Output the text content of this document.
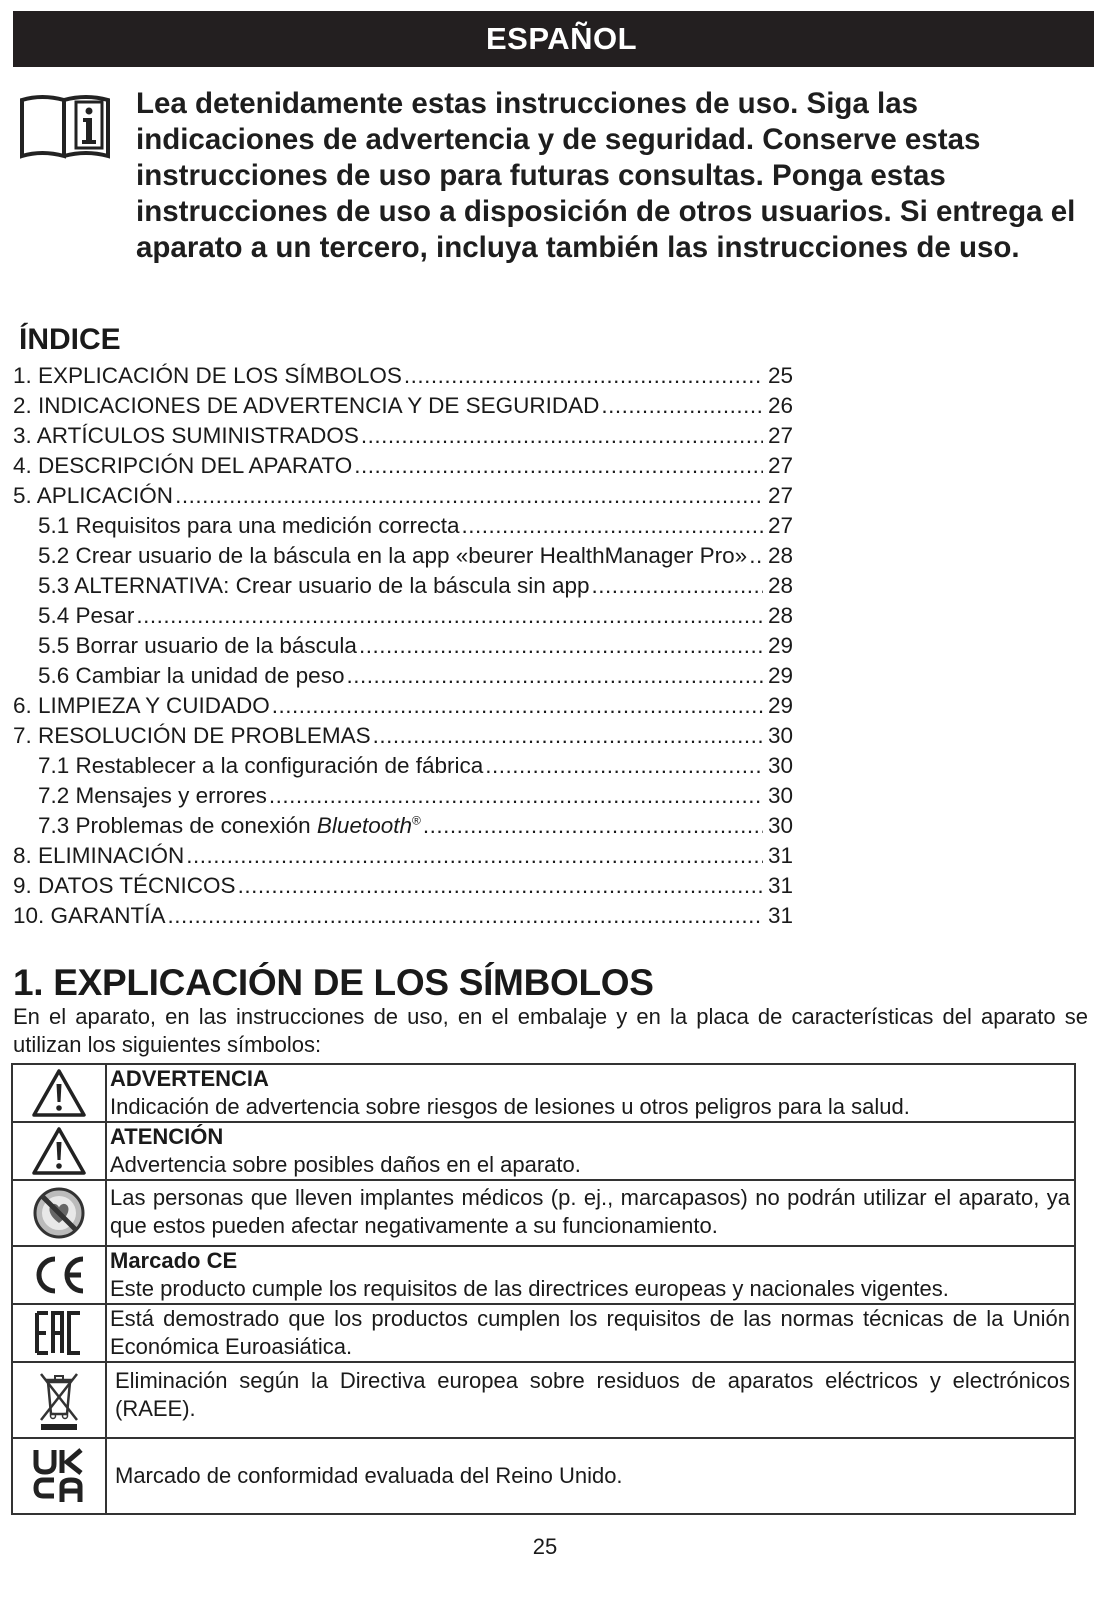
ESPAÑOL
Lea detenidamente estas instrucciones de uso. Siga las indicaciones de advertencia y de seguridad. Conserve estas instrucciones de uso para futuras consultas. Ponga estas instrucciones de uso a disposición de otros usuarios. Si entrega el aparato a un tercero, incluya también las instrucciones de uso.
ÍNDICE
1. EXPLICACIÓN DE LOS SÍMBOLOS .....	25
2. INDICACIONES DE ADVERTENCIA Y DE SEGURIDAD .....	26
3. ARTÍCULOS SUMINISTRADOS .....	27
4. DESCRIPCIÓN DEL APARATO .....	27
5. APLICACIÓN .....	27
5.1 Requisitos para una medición correcta .....	27
5.2 Crear usuario de la báscula en la app «beurer HealthManager Pro» ..... 28
5.3 ALTERNATIVA: Crear usuario de la báscula sin app .....	28
5.4 Pesar .....	28
5.5 Borrar usuario de la báscula .....	29
5.6 Cambiar la unidad de peso .....	29
6. LIMPIEZA Y CUIDADO .....	29
7. RESOLUCIÓN DE PROBLEMAS .....	30
7.1 Restablecer a la configuración de fábrica .....	30
7.2 Mensajes y errores .....	30
7.3 Problemas de conexión Bluetooth® .....	30
8. ELIMINACIÓN .....	31
9. DATOS TÉCNICOS .....	31
10. GARANTÍA .....	31
1. EXPLICACIÓN DE LOS SÍMBOLOS
En el aparato, en las instrucciones de uso, en el embalaje y en la placa de características del aparato se utilizan los siguientes símbolos:

ADVERTENCIA
Indicación de advertencia sobre riesgos de lesiones u otros peligros para la salud.

ATENCIÓN
Advertencia sobre posibles daños en el aparato.

Las personas que lleven implantes médicos (p. ej., marcapasos) no podrán utilizar el aparato, ya que estos pueden afectar negativamente a su funcionamiento.

Marcado CE
Este producto cumple los requisitos de las directrices europeas y nacionales vigentes.

Está demostrado que los productos cumplen los requisitos de las normas técnicas de la Unión Económica Euroasiática.

Eliminación según la Directiva europea sobre residuos de aparatos eléctricos y electrónicos (RAEE).

Marcado de conformidad evaluada del Reino Unido.
25
